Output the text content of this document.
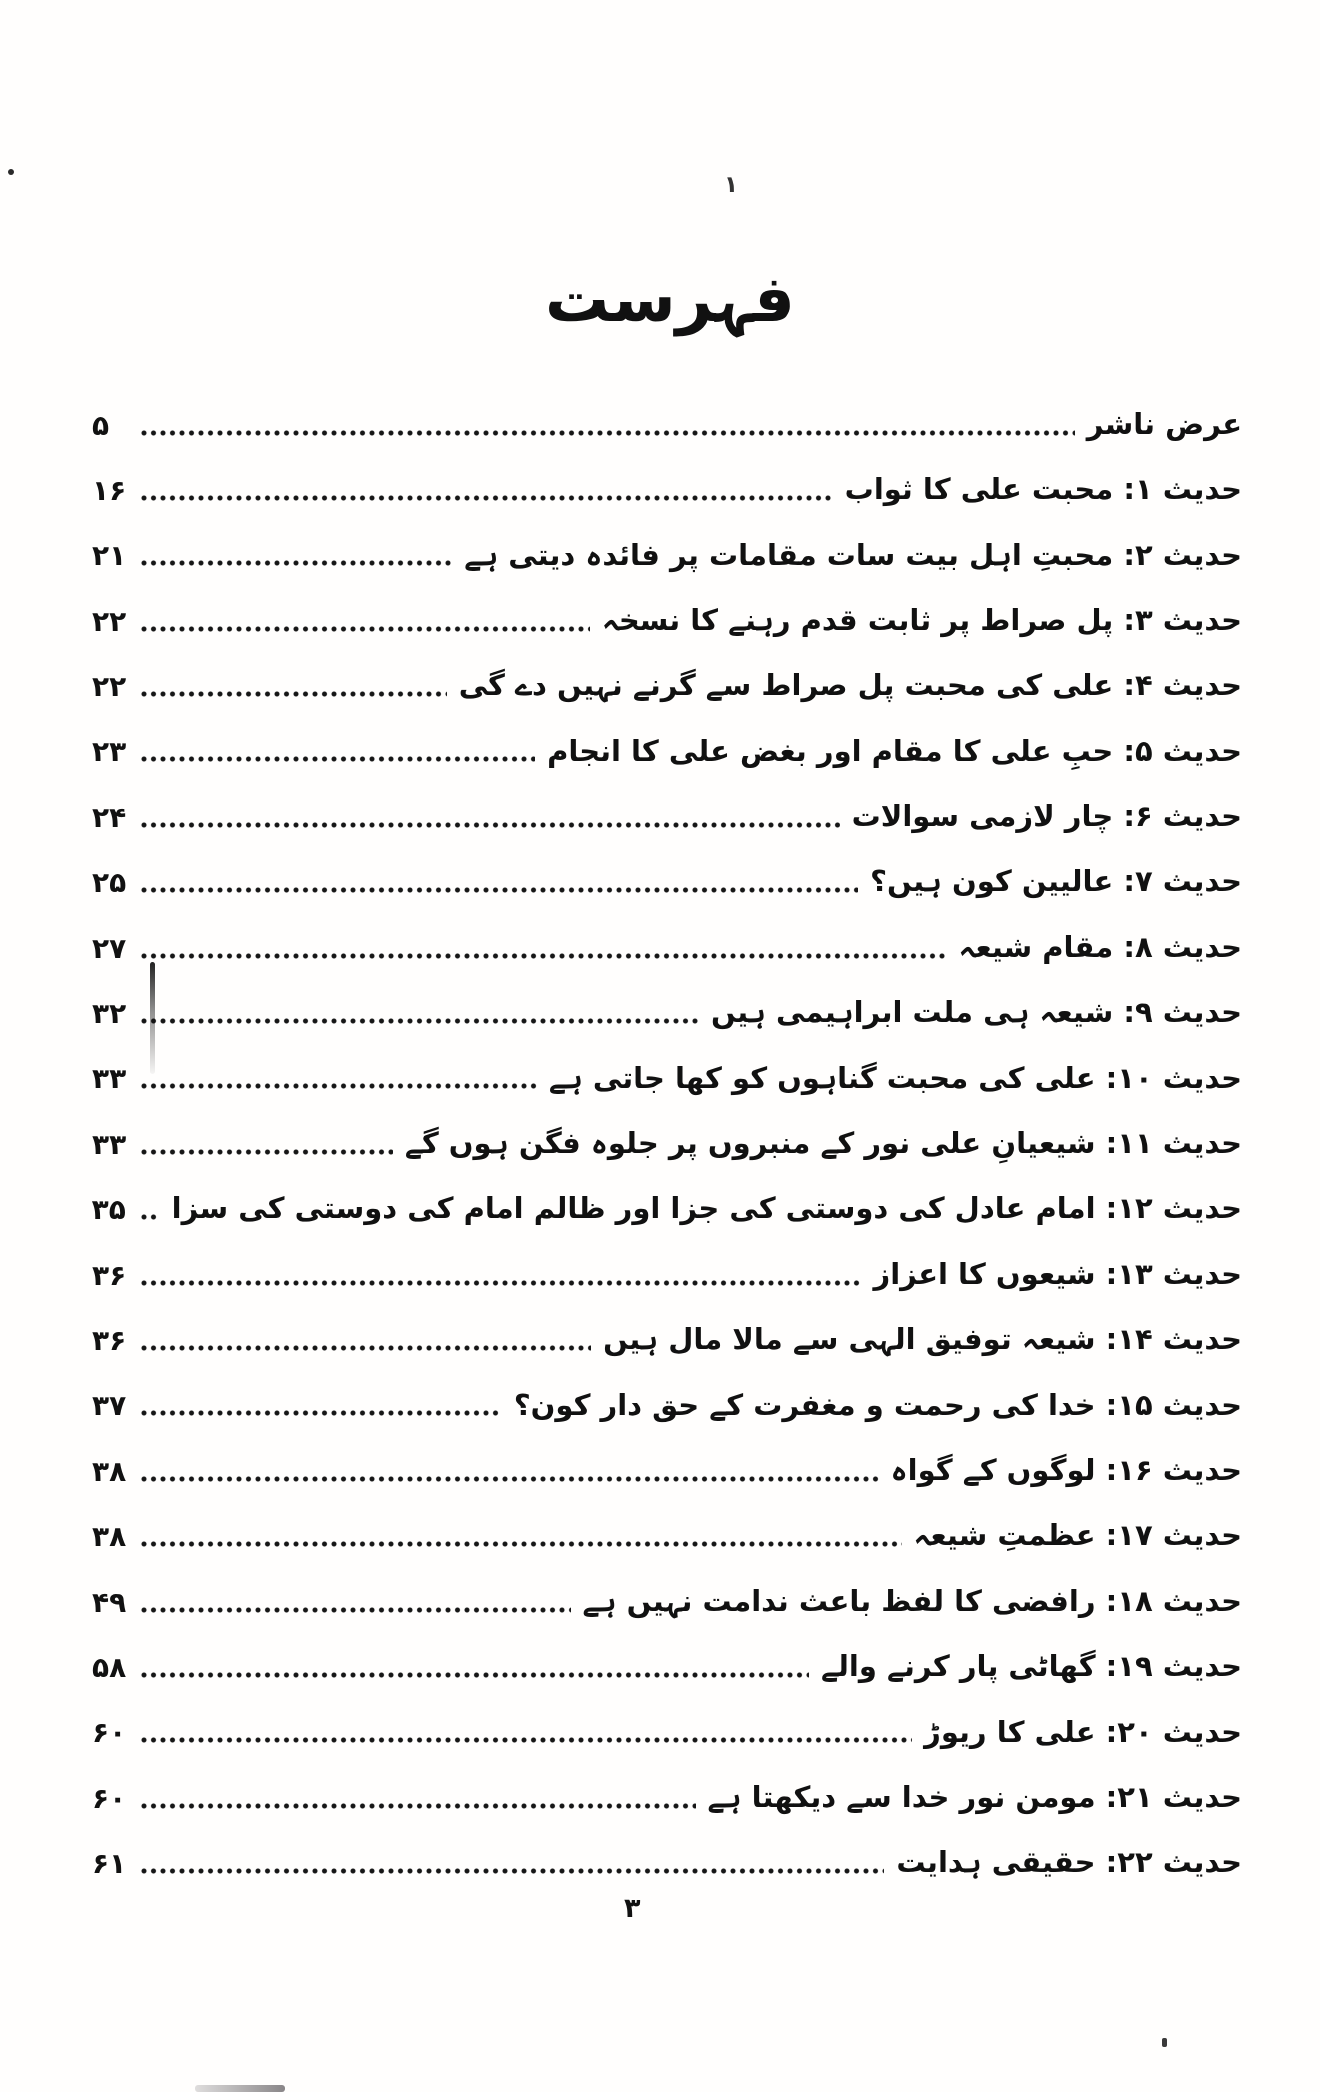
۱
فہرست
عرض ناشر
۵
حدیث ۱: محبت علی کا ثواب
۱۶
حدیث ۲: محبتِ اہل بیت سات مقامات پر فائدہ دیتی ہے
۲۱
حدیث ۳: پل صراط پر ثابت قدم رہنے کا نسخہ
۲۲
حدیث ۴: علی کی محبت پل صراط سے گرنے نہیں دے گی
۲۲
حدیث ۵: حبِ علی کا مقام اور بغض علی کا انجام
۲۳
حدیث ۶: چار لازمی سوالات
۲۴
حدیث ۷: عالیین کون ہیں؟
۲۵
حدیث ۸: مقام شیعہ
۲۷
حدیث ۹: شیعہ ہی ملت ابراہیمی ہیں
۳۲
حدیث ۱۰: علی کی محبت گناہوں کو کھا جاتی ہے
۳۳
حدیث ۱۱: شیعیانِ علی نور کے منبروں پر جلوہ فگن ہوں گے
۳۳
حدیث ۱۲: امام عادل کی دوستی کی جزا اور ظالم امام کی دوستی کی سزا
۳۵
حدیث ۱۳: شیعوں کا اعزاز
۳۶
حدیث ۱۴: شیعہ توفیق الہی سے مالا مال ہیں
۳۶
حدیث ۱۵: خدا کی رحمت و مغفرت کے حق دار کون؟
۳۷
حدیث ۱۶: لوگوں کے گواہ
۳۸
حدیث ۱۷: عظمتِ شیعہ
۳۸
حدیث ۱۸: رافضی کا لفظ باعث ندامت نہیں ہے
۴۹
حدیث ۱۹: گھاٹی پار کرنے والے
۵۸
حدیث ۲۰: علی کا ریوڑ
۶۰
حدیث ۲۱: مومن نور خدا سے دیکھتا ہے
۶۰
حدیث ۲۲: حقیقی ہدایت
۶۱
۳
